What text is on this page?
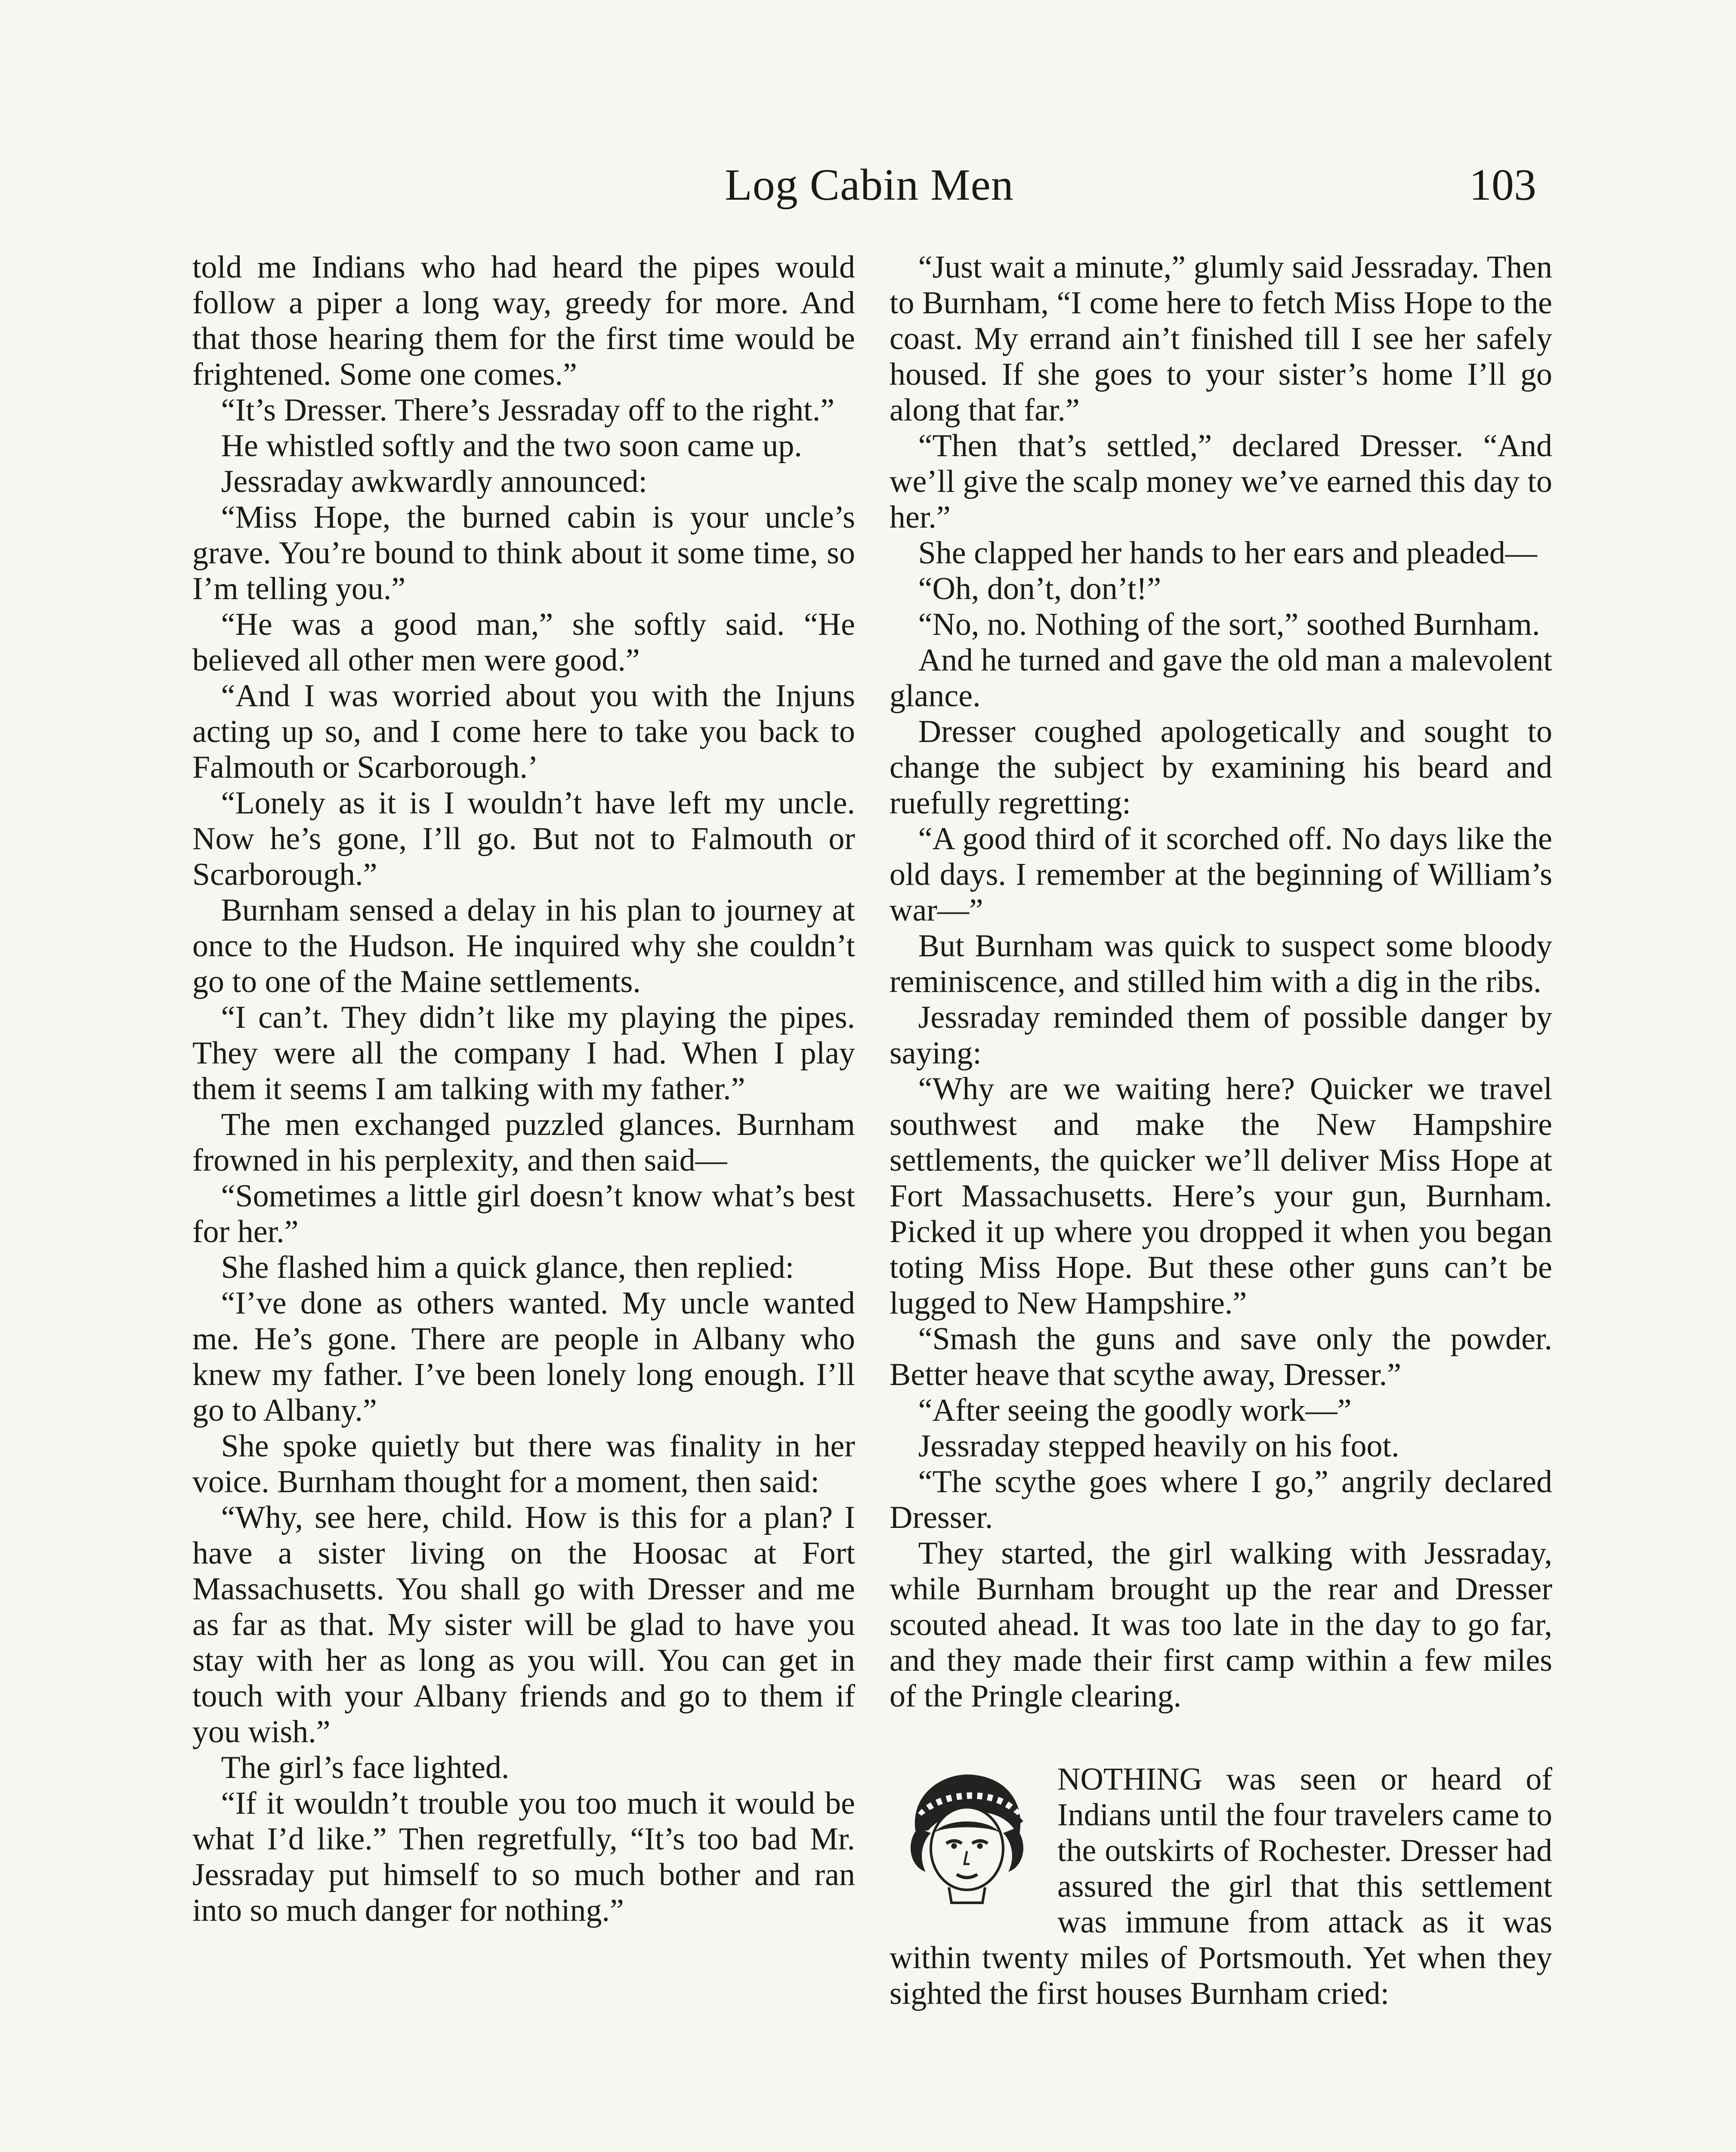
Log Cabin Men	103

told me Indians who had heard the pipes would follow a piper a long way, greedy for more. And that those hearing them for the first time would be frightened. Some one comes.”

“It’s Dresser. There’s Jessraday off to the right.”

He whistled softly and the two soon came up.

Jessraday awkwardly announced:

“Miss Hope, the burned cabin is your uncle’s grave. You’re bound to think about it some time, so I’m telling you.”

“He was a good man,” she softly said. “He believed all other men were good.”

“And I was worried about you with the Injuns acting up so, and I come here to take you back to Falmouth or Scarborough.’

“Lonely as it is I wouldn’t have left my uncle. Now he’s gone, I’ll go. But not to Falmouth or Scarborough.”

Burnham sensed a delay in his plan to journey at once to the Hudson. He inquired why she couldn’t go to one of the Maine settlements.

“I can’t. They didn’t like my playing the pipes. They were all the company I had. When I play them it seems I am talking with my father.”

The men exchanged puzzled glances. Burnham frowned in his perplexity, and then said—

“Sometimes a little girl doesn’t know what’s best for her.”

She flashed him a quick glance, then replied:

“I’ve done as others wanted. My uncle wanted me. He’s gone. There are people in Albany who knew my father. I’ve been lonely long enough. I’ll go to Albany.”

She spoke quietly but there was finality in her voice. Burnham thought for a moment, then said:

“Why, see here, child. How is this for a plan? I have a sister living on the Hoosac at Fort Massachusetts. You shall go with Dresser and me as far as that. My sister will be glad to have you stay with her as long as you will. You can get in touch with your Albany friends and go to them if you wish.”

The girl’s face lighted.

“If it wouldn’t trouble you too much it would be what I’d like.” Then regretfully, “It’s too bad Mr. Jessraday put himself to so much bother and ran into so much danger for nothing.”

“Just wait a minute,” glumly said Jessraday. Then to Burnham, “I come here to fetch Miss Hope to the coast. My errand ain’t finished till I see her safely housed. If she goes to your sister’s home I’ll go along that far.”

“Then that’s settled,” declared Dresser. “And we’ll give the scalp money we’ve earned this day to her.”

She clapped her hands to her ears and pleaded—

“Oh, don’t, don’t!”

“No, no. Nothing of the sort,” soothed Burnham.

And he turned and gave the old man a malevolent glance.

Dresser coughed apologetically and sought to change the subject by examining his beard and ruefully regretting:

“A good third of it scorched off. No days like the old days. I remember at the beginning of William’s war—”

But Burnham was quick to suspect some bloody reminiscence, and stilled him with a dig in the ribs.

Jessraday reminded them of possible danger by saying:

“Why are we waiting here? Quicker we travel southwest and make the New Hampshire settlements, the quicker we’ll deliver Miss Hope at Fort Massachusetts. Here’s your gun, Burnham. Picked it up where you dropped it when you began toting Miss Hope. But these other guns can’t be lugged to New Hampshire.”

“Smash the guns and save only the powder. Better heave that scythe away, Dresser.”

“After seeing the goodly work—”

Jessraday stepped heavily on his foot.

“The scythe goes where I go,” angrily declared Dresser.

They started, the girl walking with Jessraday, while Burnham brought up the rear and Dresser scouted ahead. It was too late in the day to go far, and they made their first camp within a few miles of the Pringle clearing.

NOTHING was seen or heard of Indians until the four travelers came to the outskirts of Rochester. Dresser had assured the girl that this settlement was immune from attack as it was within twenty miles of Portsmouth. Yet when they sighted the first houses Burnham cried:
